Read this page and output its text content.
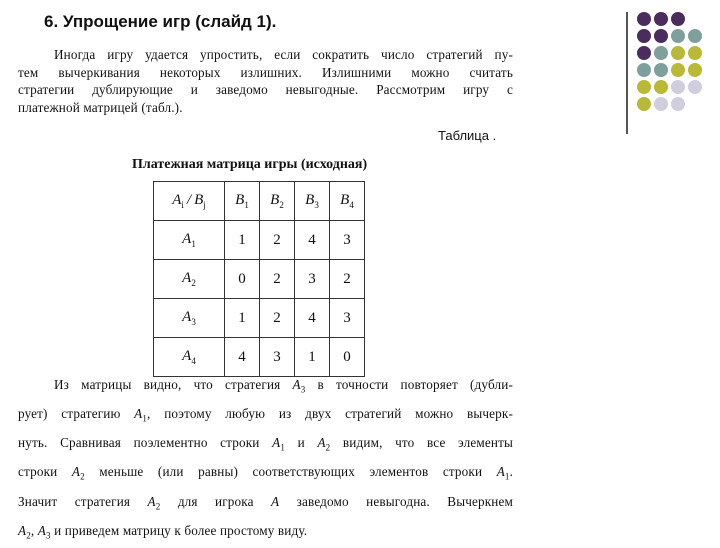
6. Упрощение игр (слайд 1).
Иногда игру удается упростить, если сократить число стратегий пу-
тем вычеркивания некоторых излишних. Излишними можно считать
стратегии дублирующие и заведомо невыгодные. Рассмотрим игру с
платежной матрицей (табл.).
Таблица .
Платежная матрица игры (исходная)
$A_i / B_j$	$B_1$	$B_2$	$B_3$	$B_4$
$A_1$	1	2	4	3
$A_2$	0	2	3	2
$A_3$	1	2	4	3
$A_4$	4	3	1	0
Из матрицы видно, что стратегия $A_3$ в точности повторяет (дубли-
рует) стратегию $A_1$, поэтому любую из двух стратегий можно вычерк-
нуть. Сравнивая поэлементно строки $A_1$ и $A_2$ видим, что все элементы
строки $A_2$ меньше (или равны) соответствующих элементов строки $A_1$.
Значит стратегия $A_2$ для игрока A заведомо невыгодна. Вычеркнем
$A_2$, $A_3$ и приведем матрицу к более простому виду.
